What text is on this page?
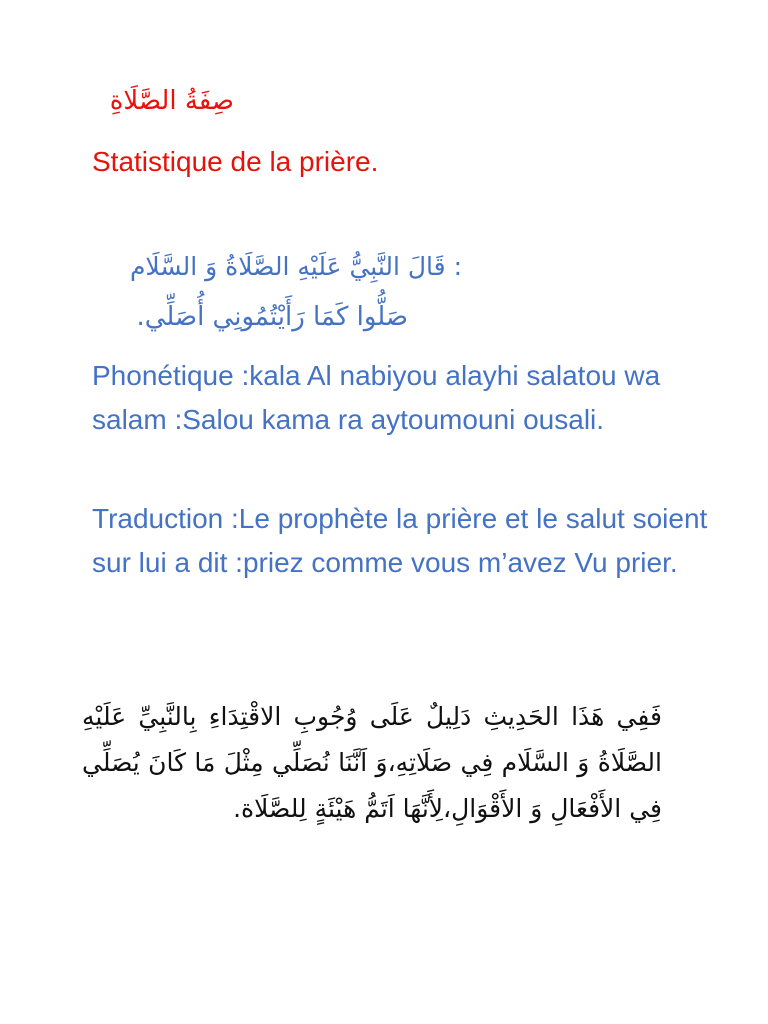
صِفَةُ الصَّلَاةِ
Statistique de la prière.
: قَالَ النَّبِيُّ عَلَيْهِ الصَّلَاةُ وَ السَّلَام
صَلُّوا كَمَا رَأَيْتُمُونِي أُصَلِّي.
Phonétique :kala Al nabiyou alayhi salatou wa salam :Salou kama ra aytoumouni ousali.
Traduction :Le prophète la prière et le salut soient sur lui a dit :priez comme vous m’avez Vu prier.
فَفِي هَذَا الحَدِيثِ دَلِيلٌ عَلَى وُجُوبِ الاقْتِدَاءِ بِالنَّبِيِّ عَلَيْهِ الصَّلَاةُ وَ السَّلَام فِي صَلَاتِهِ،وَ اَنَّنَا نُصَلِّي مِثْلَ مَا كَانَ يُصَلِّي فِي الأَفْعَالِ وَ الأَقْوَالِ،لِأَنَّهَا اَتَمُّ هَيْئَةٍ لِلصَّلَاة.
